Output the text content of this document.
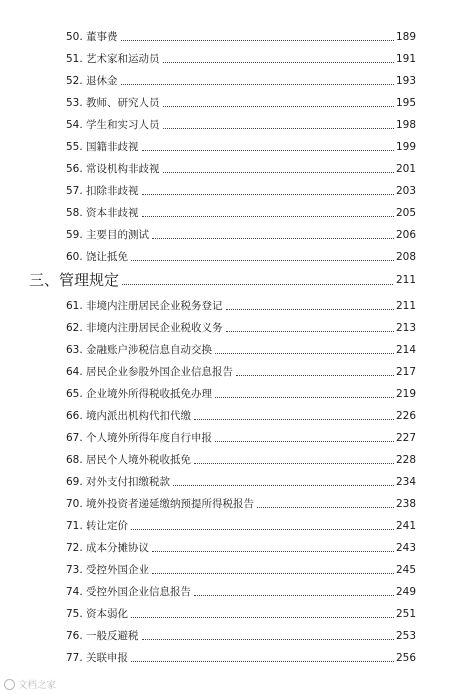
50. 董事费	189
51. 艺术家和运动员	191
52. 退休金	193
53. 教师、研究人员	195
54. 学生和实习人员	198
55. 国籍非歧视	199
56. 常设机构非歧视	201
57. 扣除非歧视	203
58. 资本非歧视	205
59. 主要目的测试	206
60. 饶让抵免	208
三、管理规定	211
61. 非境内注册居民企业税务登记	211
62. 非境内注册居民企业税收义务	213
63. 金融账户涉税信息自动交换	214
64. 居民企业参股外国企业信息报告	217
65. 企业境外所得税收抵免办理	219
66. 境内派出机构代扣代缴	226
67. 个人境外所得年度自行申报	227
68. 居民个人境外税收抵免	228
69. 对外支付扣缴税款	234
70. 境外投资者递延缴纳预提所得税报告	238
71. 转让定价	241
72. 成本分摊协议	243
73. 受控外国企业	245
74. 受控外国企业信息报告	249
75. 资本弱化	251
76. 一般反避税	253
77. 关联申报	256
文档之家
